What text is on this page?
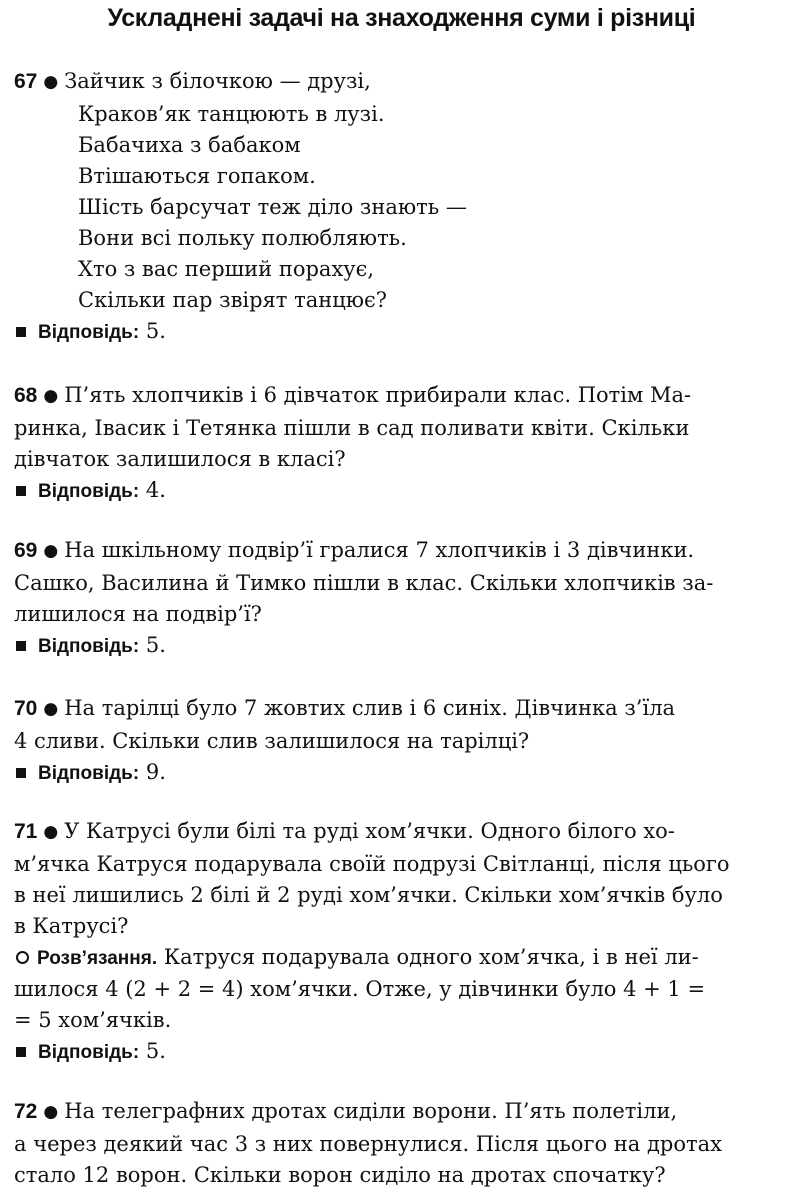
Ускладнені задачі на знаходження суми і різниці
67 ● Зайчик з білочкою — друзі,
Краков’як танцюють в лузі.
Бабачиха з бабаком
Втішаються гопаком.
Шість барсучат теж діло знають —
Вони всі польку полюбляють.
Хто з вас перший порахує,
Скільки пар звірят танцює?
Відповідь: 5.
68 ● П’ять хлопчиків і 6 дівчаток прибирали клас. Потім Ма-
ринка, Івасик і Тетянка пішли в сад поливати квіти. Скільки
дівчаток залишилося в класі?
Відповідь: 4.
69 ● На шкільному подвір’ї гралися 7 хлопчиків і 3 дівчинки.
Сашко, Василина й Тимко пішли в клас. Скільки хлопчиків за-
лишилося на подвір’ї?
Відповідь: 5.
70 ● На тарілці було 7 жовтих слив і 6 синіх. Дівчинка з’їла
4 сливи. Скільки слив залишилося на тарілці?
Відповідь: 9.
71 ● У Катрусі були білі та руді хом’ячки. Одного білого хо-
м’ячка Катруся подарувала своїй подрузі Світланці, після цього
в неї лишились 2 білі й 2 руді хом’ячки. Скільки хом’ячків було
в Катрусі?
Розв’язання. Катруся подарувала одного хом’ячка, і в неї ли-
шилося 4 (2 + 2 = 4) хом’ячки. Отже, у дівчинки було 4 + 1 =
= 5 хом’ячків.
Відповідь: 5.
72 ● На телеграфних дротах сиділи ворони. П’ять полетіли,
а через деякий час 3 з них повернулися. Після цього на дротах
стало 12 ворон. Скільки ворон сиділо на дротах спочатку?
